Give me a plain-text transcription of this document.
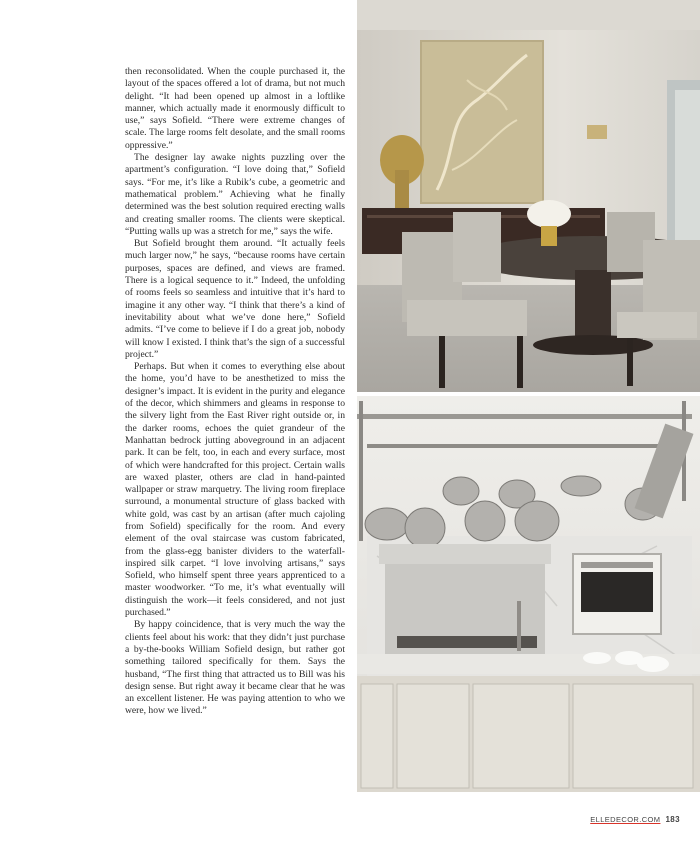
then reconsolidated. When the couple purchased it, the layout of the spaces offered a lot of drama, but not much delight. “It had been opened up almost in a loftlike manner, which actually made it enormously difficult to use,” says Sofield. “There were extreme changes of scale. The large rooms felt desolate, and the small rooms oppressive.”

The designer lay awake nights puzzling over the apartment’s configuration. “I love doing that,” Sofield says. “For me, it’s like a Rubik’s cube, a geometric and mathematical problem.” Achieving what he finally determined was the best solution required erecting walls and creating smaller rooms. The clients were skeptical. “Putting walls up was a stretch for me,” says the wife.

But Sofield brought them around. “It actually feels much larger now,” he says, “because rooms have certain purposes, spaces are defined, and views are framed. There is a logical sequence to it.” Indeed, the unfolding of rooms feels so seamless and intuitive that it’s hard to imagine it any other way. “I think that there’s a kind of inevitability about what we’ve done here,” Sofield admits. “I’ve come to believe if I do a great job, nobody will know I existed. I think that’s the sign of a successful project.”

Perhaps. But when it comes to everything else about the home, you’d have to be anesthetized to miss the designer’s impact. It is evident in the purity and elegance of the decor, which shimmers and gleams in response to the silvery light from the East River right outside or, in the darker rooms, echoes the quiet grandeur of the Manhattan bedrock jutting aboveground in an adjacent park. It can be felt, too, in each and every surface, most of which were handcrafted for this project. Certain walls are waxed plaster, others are clad in hand-painted wallpaper or straw marquetry. The living room fireplace surround, a monumental structure of glass backed with white gold, was cast by an artisan (after much cajoling from Sofield) specifically for the room. And every element of the oval staircase was custom fabricated, from the glass-egg banister dividers to the waterfall-inspired silk carpet. “I love involving artisans,” says Sofield, who himself spent three years apprenticed to a master woodworker. “To me, it’s what eventually will distinguish the work—it feels considered, and not just purchased.”

By happy coincidence, that is very much the way the clients feel about his work: that they didn’t just purchase a by-the-books William Sofield design, but rather got something tailored specifically for them. Says the husband, “The first thing that attracted us to Bill was his design sense. But right away it became clear that he was an excellent listener. He was paying attention to who we were, how we lived.”

ELLEDECOR.COM 183
